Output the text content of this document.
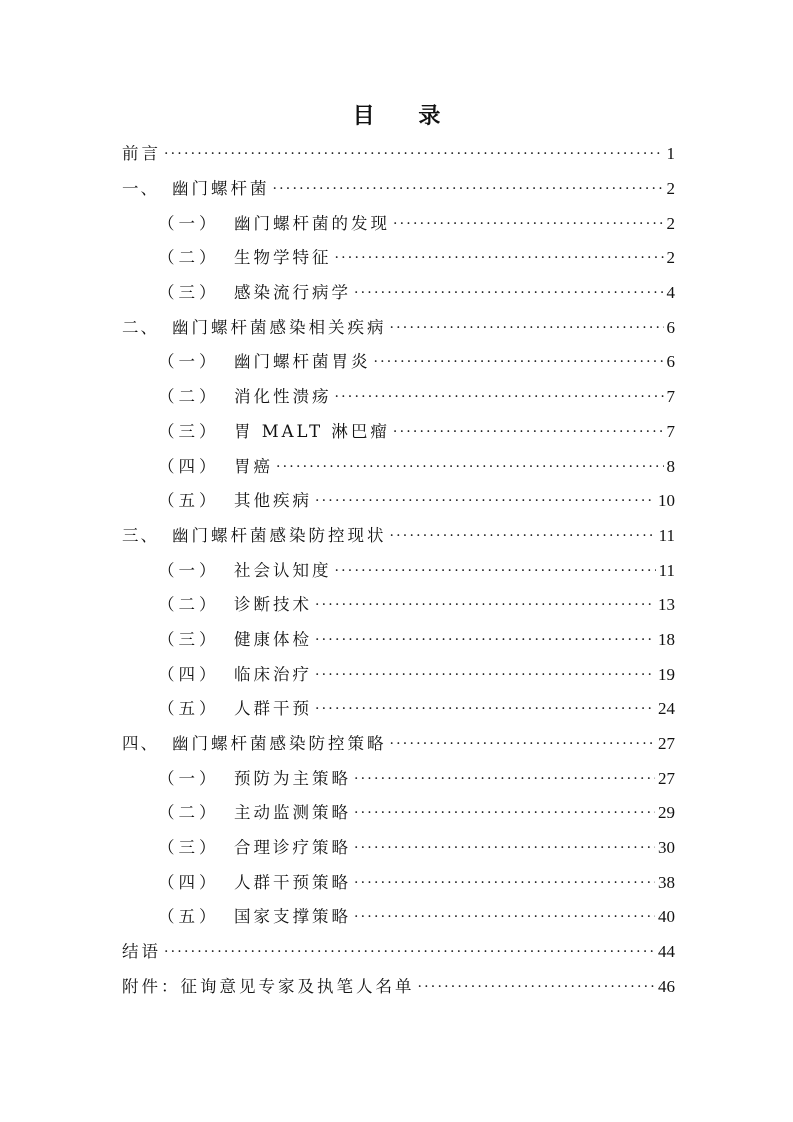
目 录
前言 ·····	1
一、 幽门螺杆菌 ·····	2
（一） 幽门螺杆菌的发现 ·····	2
（二） 生物学特征 ·····	2
（三） 感染流行病学 ·····	4
二、 幽门螺杆菌感染相关疾病 ·····	6
（一） 幽门螺杆菌胃炎 ·····	6
（二） 消化性溃疡 ·····	7
（三） 胃 MALT 淋巴瘤 ·····	7
（四） 胃癌 ·····	8
（五） 其他疾病 ·····	10
三、 幽门螺杆菌感染防控现状 ·····	11
（一） 社会认知度 ·····	11
（二） 诊断技术 ·····	13
（三） 健康体检 ·····	18
（四） 临床治疗 ·····	19
（五） 人群干预 ·····	24
四、 幽门螺杆菌感染防控策略 ·····	27
（一） 预防为主策略 ·····	27
（二） 主动监测策略 ·····	29
（三） 合理诊疗策略 ·····	30
（四） 人群干预策略 ·····	38
（五） 国家支撑策略 ·····	40
结语 ·····	44
附件：征询意见专家及执笔人名单 ·····	46
